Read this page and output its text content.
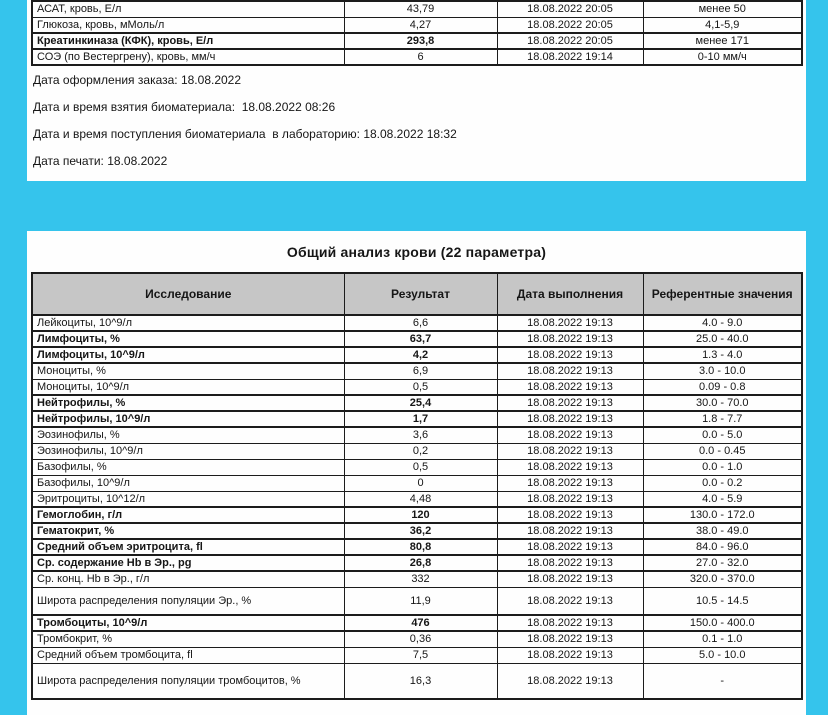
АСАТ, кровь, Е/л	43,79	18.08.2022 20:05	менее 50
Глюкоза, кровь, мМоль/л	4,27	18.08.2022 20:05	4,1-5,9
Креатинкиназа (КФК), кровь, Е/л	293,8	18.08.2022 20:05	менее 171
СОЭ (по Вестергрену), кровь, мм/ч	6	18.08.2022 19:14	0-10 мм/ч
Дата оформления заказа: 18.08.2022
Дата и время взятия биоматериала:  18.08.2022 08:26
Дата и время поступления биоматериала  в лабораторию: 18.08.2022 18:32
Дата печати: 18.08.2022
Общий анализ крови (22 параметра)
Исследование	Результат	Дата выполнения	Референтные значения
Лейкоциты, 10^9/л	6,6	18.08.2022 19:13	4.0 - 9.0
Лимфоциты, %	63,7	18.08.2022 19:13	25.0 - 40.0
Лимфоциты, 10^9/л	4,2	18.08.2022 19:13	1.3 - 4.0
Моноциты, %	6,9	18.08.2022 19:13	3.0 - 10.0
Моноциты, 10^9/л	0,5	18.08.2022 19:13	0.09 - 0.8
Нейтрофилы, %	25,4	18.08.2022 19:13	30.0 - 70.0
Нейтрофилы, 10^9/л	1,7	18.08.2022 19:13	1.8 - 7.7
Эозинофилы, %	3,6	18.08.2022 19:13	0.0 - 5.0
Эозинофилы, 10^9/л	0,2	18.08.2022 19:13	0.0 - 0.45
Базофилы, %	0,5	18.08.2022 19:13	0.0 - 1.0
Базофилы, 10^9/л	0	18.08.2022 19:13	0.0 - 0.2
Эритроциты, 10^12/л	4,48	18.08.2022 19:13	4.0 - 5.9
Гемоглобин, г/л	120	18.08.2022 19:13	130.0 - 172.0
Гематокрит, %	36,2	18.08.2022 19:13	38.0 - 49.0
Средний объем эритроцита, fl	80,8	18.08.2022 19:13	84.0 - 96.0
Ср. содержание Hb в Эр., pg	26,8	18.08.2022 19:13	27.0 - 32.0
Ср. конц. Hb в Эр., г/л	332	18.08.2022 19:13	320.0 - 370.0
Широта распределения популяции Эр., %	11,9	18.08.2022 19:13	10.5 - 14.5
Тромбоциты, 10^9/л	476	18.08.2022 19:13	150.0 - 400.0
Тромбокрит, %	0,36	18.08.2022 19:13	0.1 - 1.0
Средний объем тромбоцита, fl	7,5	18.08.2022 19:13	5.0 - 10.0
Широта распределения популяции тромбоцитов, %	16,3	18.08.2022 19:13	-
